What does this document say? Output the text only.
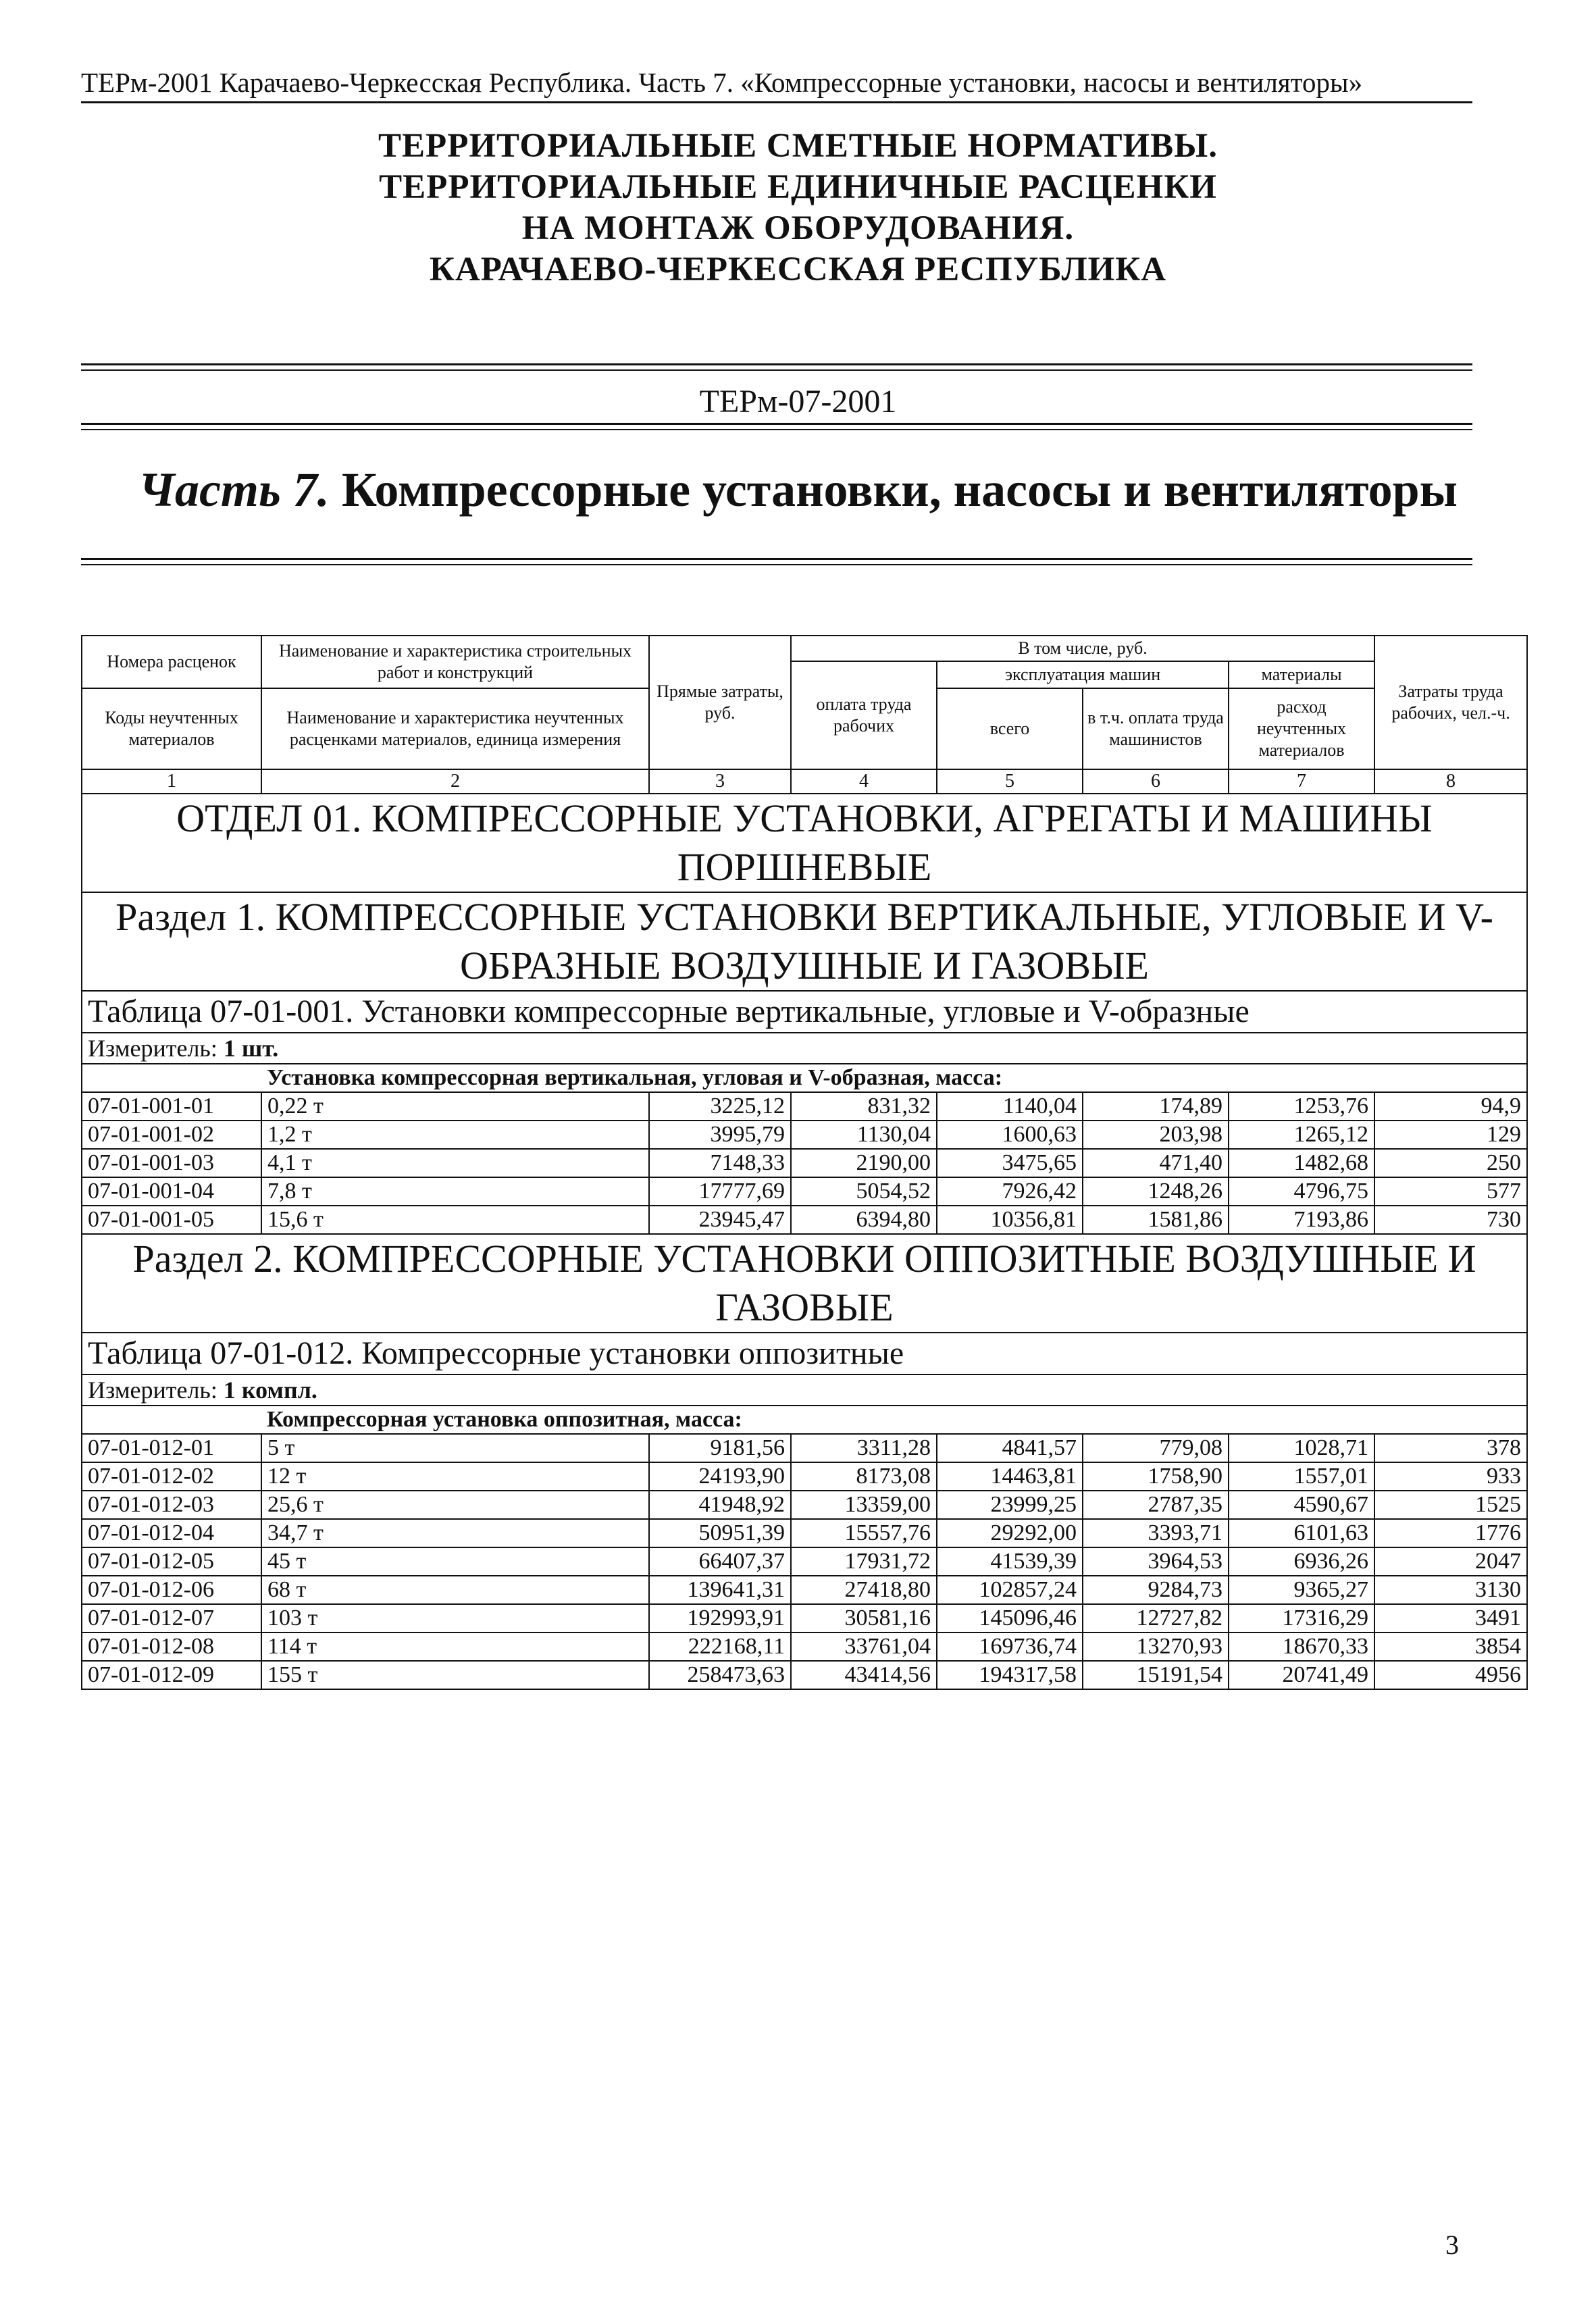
ТЕРм-2001 Карачаево-Черкесская Республика. Часть 7. «Компрессорные установки, насосы и вентиляторы»
ТЕРРИТОРИАЛЬНЫЕ СМЕТНЫЕ НОРМАТИВЫ.
ТЕРРИТОРИАЛЬНЫЕ ЕДИНИЧНЫЕ РАСЦЕНКИ
НА МОНТАЖ ОБОРУДОВАНИЯ.
КАРАЧАЕВО-ЧЕРКЕССКАЯ РЕСПУБЛИКА
ТЕРм-07-2001
Часть 7. Компрессорные установки, насосы и вентиляторы
Номера расценок	Наименование и характеристика строительных работ и конструкций	Прямые затраты, руб.	В том числе, руб.				Затраты труда рабочих, чел.-ч.
			оплата труда рабочих	эксплуатация машин		материалы	
Коды неучтенных материалов	Наименование и характеристика неучтенных расценками материалов, единица измерения			всего	в т.ч. оплата труда машинистов	расход неучтенных материалов	
1	2	3	4	5	6	7	8
ОТДЕЛ 01. КОМПРЕССОРНЫЕ УСТАНОВКИ, АГРЕГАТЫ И МАШИНЫ ПОРШНЕВЫЕ							
Раздел 1. КОМПРЕССОРНЫЕ УСТАНОВКИ ВЕРТИКАЛЬНЫЕ, УГЛОВЫЕ И V-ОБРАЗНЫЕ ВОЗДУШНЫЕ И ГАЗОВЫЕ							
Таблица 07-01-001. Установки компрессорные вертикальные, угловые и V-образные							
Измеритель: 1 шт.							
	Установка компрессорная вертикальная, угловая и V-образная, масса:						
07-01-001-01	0,22 т	3225,12	831,32	1140,04	174,89	1253,76	94,9
07-01-001-02	1,2 т	3995,79	1130,04	1600,63	203,98	1265,12	129
07-01-001-03	4,1 т	7148,33	2190,00	3475,65	471,40	1482,68	250
07-01-001-04	7,8 т	17777,69	5054,52	7926,42	1248,26	4796,75	577
07-01-001-05	15,6 т	23945,47	6394,80	10356,81	1581,86	7193,86	730
Раздел 2. КОМПРЕССОРНЫЕ УСТАНОВКИ ОППОЗИТНЫЕ ВОЗДУШНЫЕ И ГАЗОВЫЕ							
Таблица 07-01-012. Компрессорные установки оппозитные							
Измеритель: 1 компл.							
	Компрессорная установка оппозитная, масса:						
07-01-012-01	5 т	9181,56	3311,28	4841,57	779,08	1028,71	378
07-01-012-02	12 т	24193,90	8173,08	14463,81	1758,90	1557,01	933
07-01-012-03	25,6 т	41948,92	13359,00	23999,25	2787,35	4590,67	1525
07-01-012-04	34,7 т	50951,39	15557,76	29292,00	3393,71	6101,63	1776
07-01-012-05	45 т	66407,37	17931,72	41539,39	3964,53	6936,26	2047
07-01-012-06	68 т	139641,31	27418,80	102857,24	9284,73	9365,27	3130
07-01-012-07	103 т	192993,91	30581,16	145096,46	12727,82	17316,29	3491
07-01-012-08	114 т	222168,11	33761,04	169736,74	13270,93	18670,33	3854
07-01-012-09	155 т	258473,63	43414,56	194317,58	15191,54	20741,49	4956
3
